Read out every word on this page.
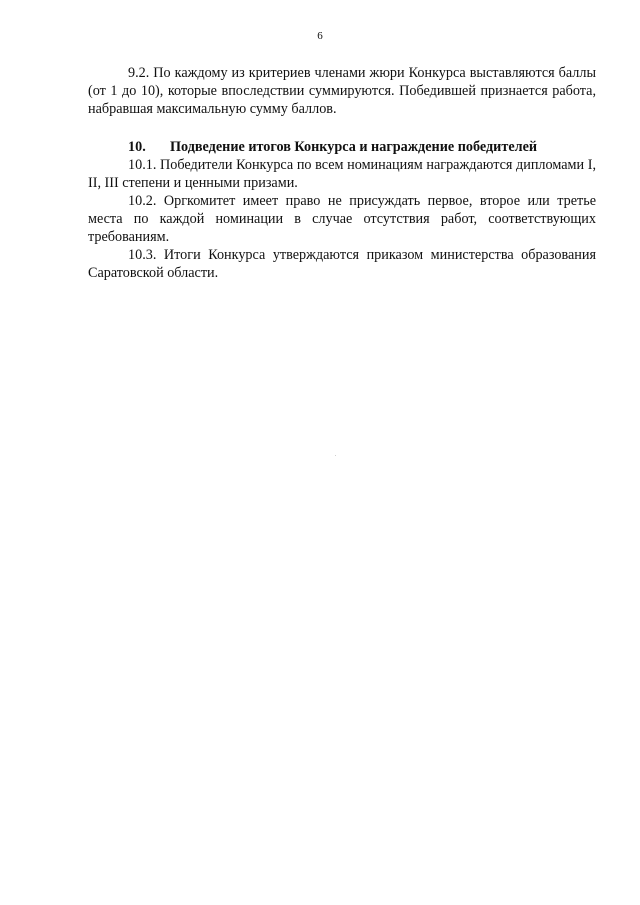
6

9.2. По каждому из критериев членами жюри Конкурса выставляются баллы (от 1 до 10), которые впоследствии суммируются. Победившей признается работа, набравшая максимальную сумму баллов.

10. Подведение итогов Конкурса и награждение победителей

10.1. Победители Конкурса по всем номинациям награждаются дипломами I, II, III степени и ценными призами.

10.2. Оргкомитет имеет право не присуждать первое, второе или третье места по каждой номинации в случае отсутствия работ, соответствующих требованиям.

10.3. Итоги Конкурса утверждаются приказом министерства образования Саратовской области.
